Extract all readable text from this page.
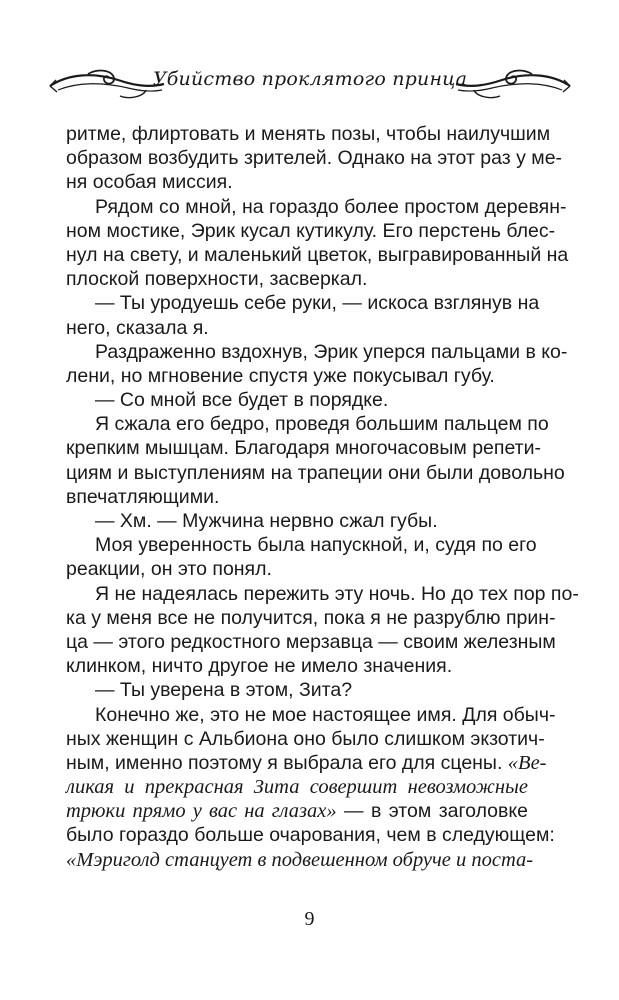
Убийство проклятого принца
ритме, флиртовать и менять позы, чтобы наилучшим
образом возбудить зрителей. Однако на этот раз у ме-
ня особая миссия.
Рядом со мной, на гораздо более простом деревян-
ном мостике, Эрик кусал кутикулу. Его перстень блес-
нул на свету, и маленький цветок, выгравированный на
плоской поверхности, засверкал.
— Ты уродуешь себе руки, — искоса взглянув на
него, сказала я.
Раздраженно вздохнув, Эрик уперся пальцами в ко-
лени, но мгновение спустя уже покусывал губу.
— Со мной все будет в порядке.
Я сжала его бедро, проведя большим пальцем по
крепким мышцам. Благодаря многочасовым репети-
циям и выступлениям на трапеции они были довольно
впечатляющими.
— Хм. — Мужчина нервно сжал губы.
Моя уверенность была напускной, и, судя по его
реакции, он это понял.
Я не надеялась пережить эту ночь. Но до тех пор по-
ка у меня все не получится, пока я не разрублю прин-
ца — этого редкостного мерзавца — своим железным
клинком, ничто другое не имело значения.
— Ты уверена в этом, Зита?
Конечно же, это не мое настоящее имя. Для обыч-
ных женщин с Альбиона оно было слишком экзотич-
ным, именно поэтому я выбрала его для сцены. «Ве-
ликая и прекрасная Зита совершит невозможные
трюки прямо у вас на глазах» — в этом заголовке
было гораздо больше очарования, чем в следующем:
«Мэриголд станцует в подвешенном обруче и поста-
9
